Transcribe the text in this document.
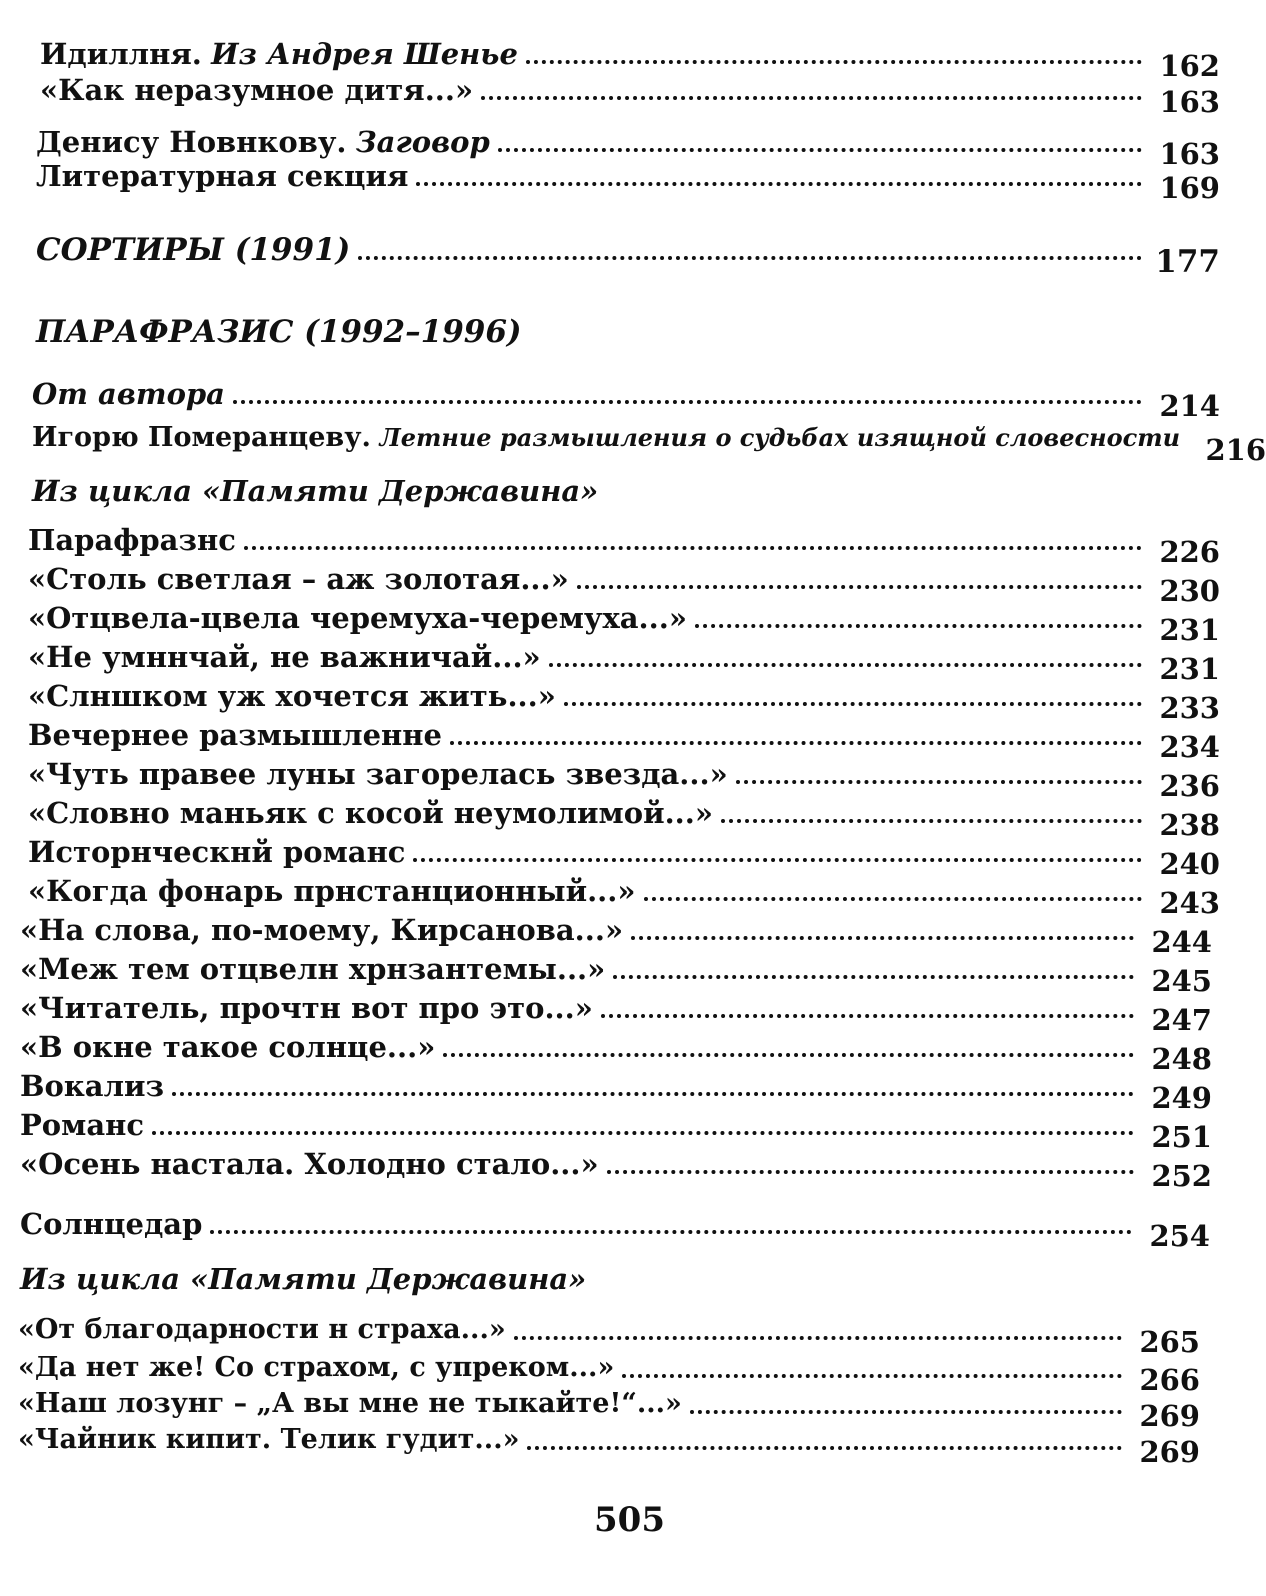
Идиллня. Из Андрея Шенье	162
«Как неразумное дитя...»	163
Денису Новнкову. Заговор	163
Литературная секция	169
СОРТИРЫ (1991)	177
ПАРАФРАЗИС (1992–1996)
От автора	214
Игорю Померанцеву. Летние размышления о судьбах изящной словесности 216
Из цикла «Памяти Державина»
Парафразнс	226
«Столь светлая – аж золотая...»	230
«Отцвела-цвела черемуха-черемуха...»	231
«Не умннчай, не важничай...»	231
«Слншком уж хочется жить...»	233
Вечернее размышленне	234
«Чуть правее луны загорелась звезда...»	236
«Словно маньяк с косой неумолимой...»	238
Исторнческнй романс	240
«Когда фонарь прнстанционный...»	243
«На слова, по-моему, Кирсанова...»	244
«Меж тем отцвелн хрнзантемы...»	245
«Читатель, прочтн вот про это...»	247
«В окне такое солнце...»	248
Вокализ	249
Романс	251
«Осень настала. Холодно стало...»	252
Солнцедар	254
Из цикла «Памяти Державина»
«От благодарности н страха...»	265
«Да нет же! Со страхом, с упреком...»	266
«Наш лозунг – „А вы мне не тыкайте!“...»	269
«Чайник кипит. Телик гудит...»	269
505
